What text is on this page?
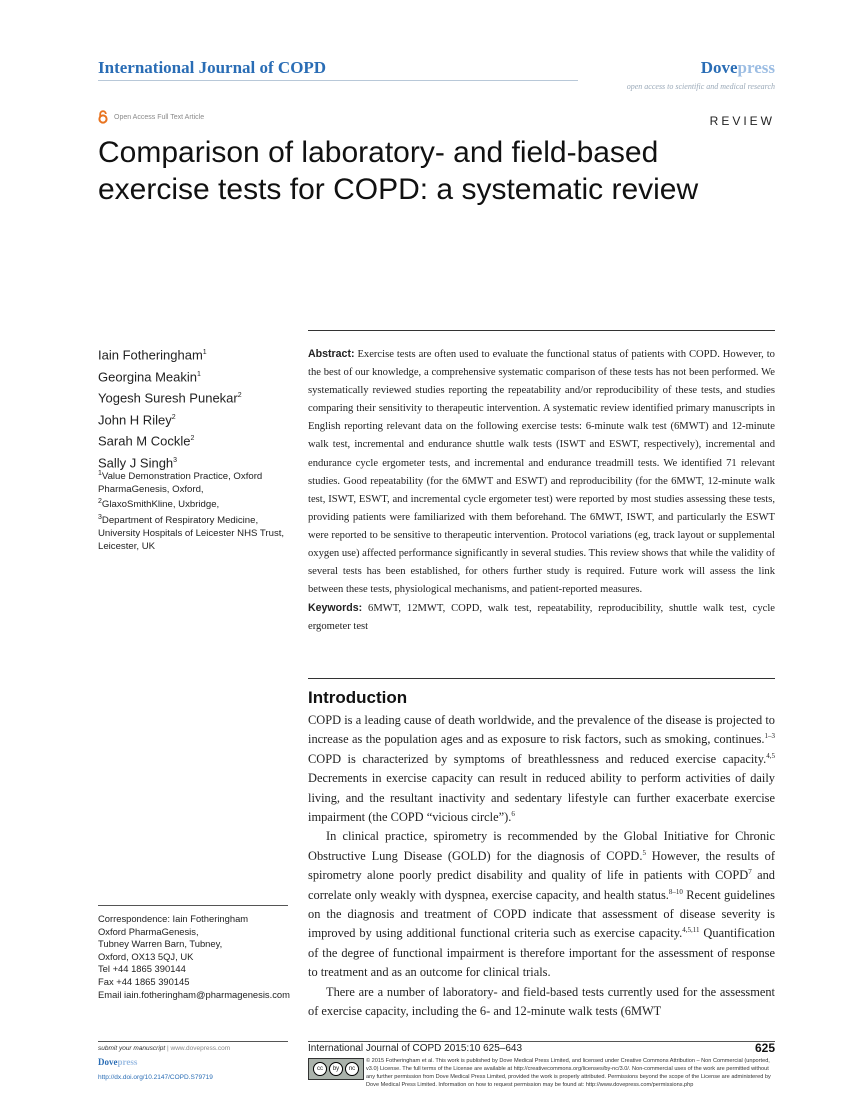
International Journal of COPD	Dovepress
open access to scientific and medical research
Open Access Full Text Article	REVIEW
Comparison of laboratory- and field-based exercise tests for COPD: a systematic review
Iain Fotheringham$^1$
Georgina Meakin$^1$
Yogesh Suresh Punekar$^2$
John H Riley$^2$
Sarah M Cockle$^2$
Sally J Singh$^3$
$^1$Value Demonstration Practice, Oxford PharmaGenesis, Oxford,
$^2$GlaxoSmithKline, Uxbridge,
$^3$Department of Respiratory Medicine, University Hospitals of Leicester NHS Trust, Leicester, UK
Correspondence: Iain Fotheringham
Oxford PharmaGenesis,
Tubney Warren Barn, Tubney,
Oxford, OX13 5QJ, UK
Tel +44 1865 390144
Fax +44 1865 390145
Email iain.fotheringham@pharmagenesis.com
Abstract: Exercise tests are often used to evaluate the functional status of patients with COPD. However, to the best of our knowledge, a comprehensive systematic comparison of these tests has not been performed. We systematically reviewed studies reporting the repeatability and/or reproducibility of these tests, and studies comparing their sensitivity to therapeutic intervention. A systematic review identified primary manuscripts in English reporting relevant data on the following exercise tests: 6-minute walk test (6MWT) and 12-minute walk test, incremental and endurance shuttle walk tests (ISWT and ESWT, respectively), incremental and endurance cycle ergometer tests, and incremental and endurance treadmill tests. We identified 71 relevant studies. Good repeatability (for the 6MWT and ESWT) and reproducibility (for the 6MWT, 12-minute walk test, ISWT, ESWT, and incremental cycle ergometer test) were reported by most studies assessing these tests, providing patients were familiarized with them beforehand. The 6MWT, ISWT, and particularly the ESWT were reported to be sensitive to therapeutic intervention. Protocol variations (eg, track layout or supplemental oxygen use) affected performance significantly in several studies. This review shows that while the validity of several tests has been established, for others further study is required. Future work will assess the link between these tests, physiological mechanisms, and patient-reported measures.
Keywords: 6MWT, 12MWT, COPD, walk test, repeatability, reproducibility, shuttle walk test, cycle ergometer test
Introduction

COPD is a leading cause of death worldwide, and the prevalence of the disease is projected to increase as the population ages and as exposure to risk factors, such as smoking, continues.$^{1-3}$ COPD is characterized by symptoms of breathlessness and reduced exercise capacity.$^{4,5}$ Decrements in exercise capacity can result in reduced ability to perform activities of daily living, and the resultant inactivity and sedentary lifestyle can further exacerbate exercise impairment (the COPD “vicious circle”).$^6$

In clinical practice, spirometry is recommended by the Global Initiative for Chronic Obstructive Lung Disease (GOLD) for the diagnosis of COPD.$^5$ However, the results of spirometry alone poorly predict disability and quality of life in patients with COPD$^7$ and correlate only weakly with dyspnea, exercise capacity, and health status.$^{8-10}$ Recent guidelines on the diagnosis and treatment of COPD indicate that assessment of disease severity is improved by using additional functional criteria such as exercise capacity.$^{4,5,11}$ Quantification of the degree of functional impairment is therefore important for the assessment of response to treatment and as an outcome for clinical trials.

There are a number of laboratory- and field-based tests currently used for the assessment of exercise capacity, including the 6- and 12-minute walk tests (6MWT

submit your manuscript | www.dovepress.com
Dovepress
http://dx.doi.org/10.2147/COPD.S79719
International Journal of COPD 2015:10 625–643	625
cc	by	nc
© 2015 Fotheringham et al. This work is published by Dove Medical Press Limited, and licensed under Creative Commons Attribution – Non Commercial (unported, v3.0) License. The full terms of the License are available at http://creativecommons.org/licenses/by-nc/3.0/. Non-commercial uses of the work are permitted without any further permission from Dove Medical Press Limited, provided the work is properly attributed. Permissions beyond the scope of the License are administered by Dove Medical Press Limited. Information on how to request permission may be found at: http://www.dovepress.com/permissions.php
